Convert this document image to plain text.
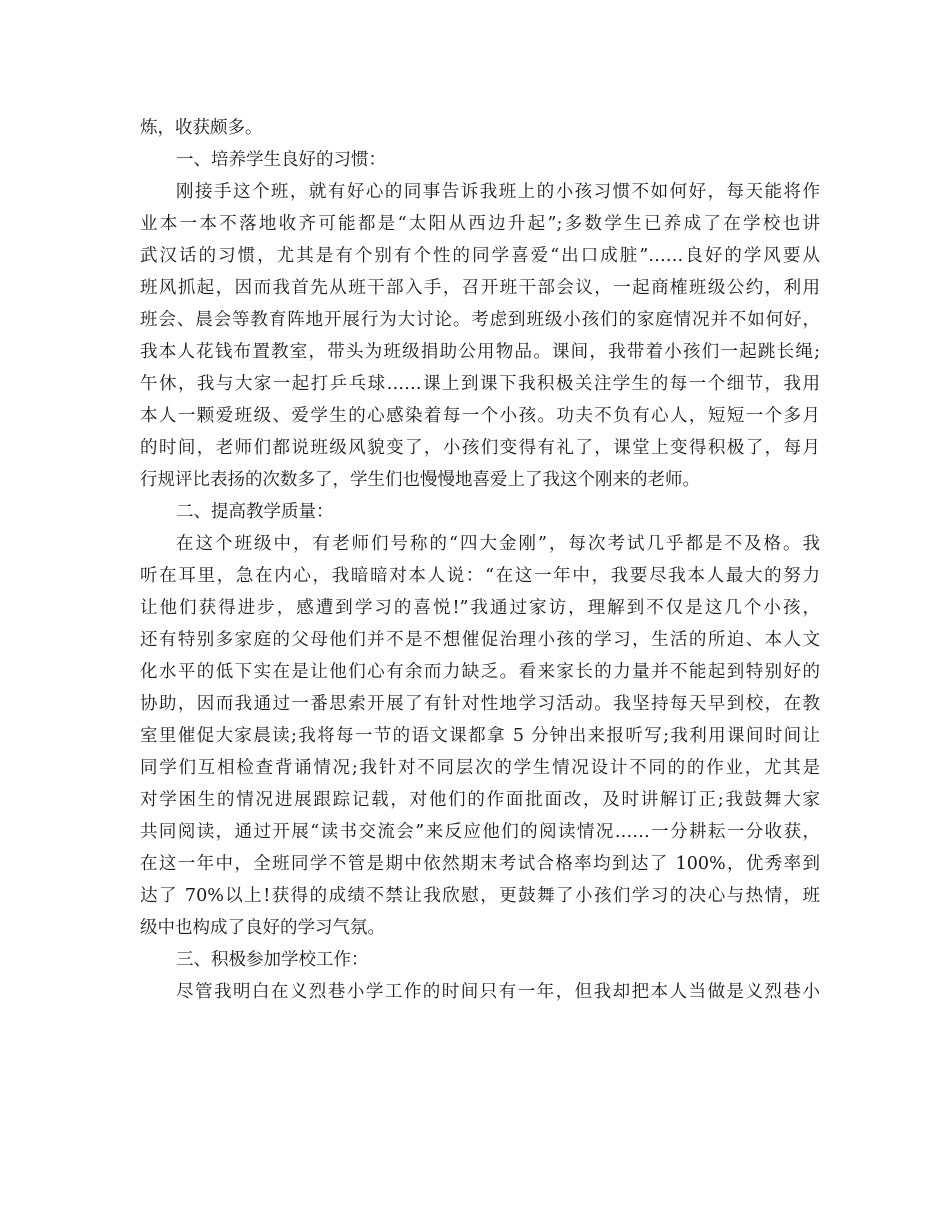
炼，收获颇多。
一、培养学生良好的习惯：
刚接手这个班，就有好心的同事告诉我班上的小孩习惯不如何好，每天能将作
业本一本不落地收齐可能都是“太阳从西边升起”;多数学生已养成了在学校也讲
武汉话的习惯，尤其是有个别有个性的同学喜爱“出口成脏”……良好的学风要从
班风抓起，因而我首先从班干部入手，召开班干部会议，一起商榷班级公约，利用
班会、晨会等教育阵地开展行为大讨论。考虑到班级小孩们的家庭情况并不如何好，
我本人花钱布置教室，带头为班级捐助公用物品。课间，我带着小孩们一起跳长绳;
午休，我与大家一起打乒乓球……课上到课下我积极关注学生的每一个细节，我用
本人一颗爱班级、爱学生的心感染着每一个小孩。功夫不负有心人，短短一个多月
的时间，老师们都说班级风貌变了，小孩们变得有礼了，课堂上变得积极了，每月
行规评比表扬的次数多了，学生们也慢慢地喜爱上了我这个刚来的老师。
二、提高教学质量：
在这个班级中，有老师们号称的“四大金刚”，每次考试几乎都是不及格。我
听在耳里，急在内心，我暗暗对本人说：“在这一年中，我要尽我本人最大的努力
让他们获得进步，感遭到学习的喜悦!”我通过家访，理解到不仅是这几个小孩，
还有特别多家庭的父母他们并不是不想催促治理小孩的学习，生活的所迫、本人文
化水平的低下实在是让他们心有余而力缺乏。看来家长的力量并不能起到特别好的
协助，因而我通过一番思索开展了有针对性地学习活动。我坚持每天早到校，在教
室里催促大家晨读;我将每一节的语文课都拿 5 分钟出来报听写;我利用课间时间让
同学们互相检查背诵情况;我针对不同层次的学生情况设计不同的的作业，尤其是
对学困生的情况进展跟踪记载，对他们的作面批面改，及时讲解订正;我鼓舞大家
共同阅读，通过开展“读书交流会”来反应他们的阅读情况……一分耕耘一分收获，
在这一年中，全班同学不管是期中依然期末考试合格率均到达了 100%，优秀率到
达了 70%以上!获得的成绩不禁让我欣慰，更鼓舞了小孩们学习的决心与热情，班
级中也构成了良好的学习气氛。
三、积极参加学校工作：
尽管我明白在义烈巷小学工作的时间只有一年，但我却把本人当做是义烈巷小
